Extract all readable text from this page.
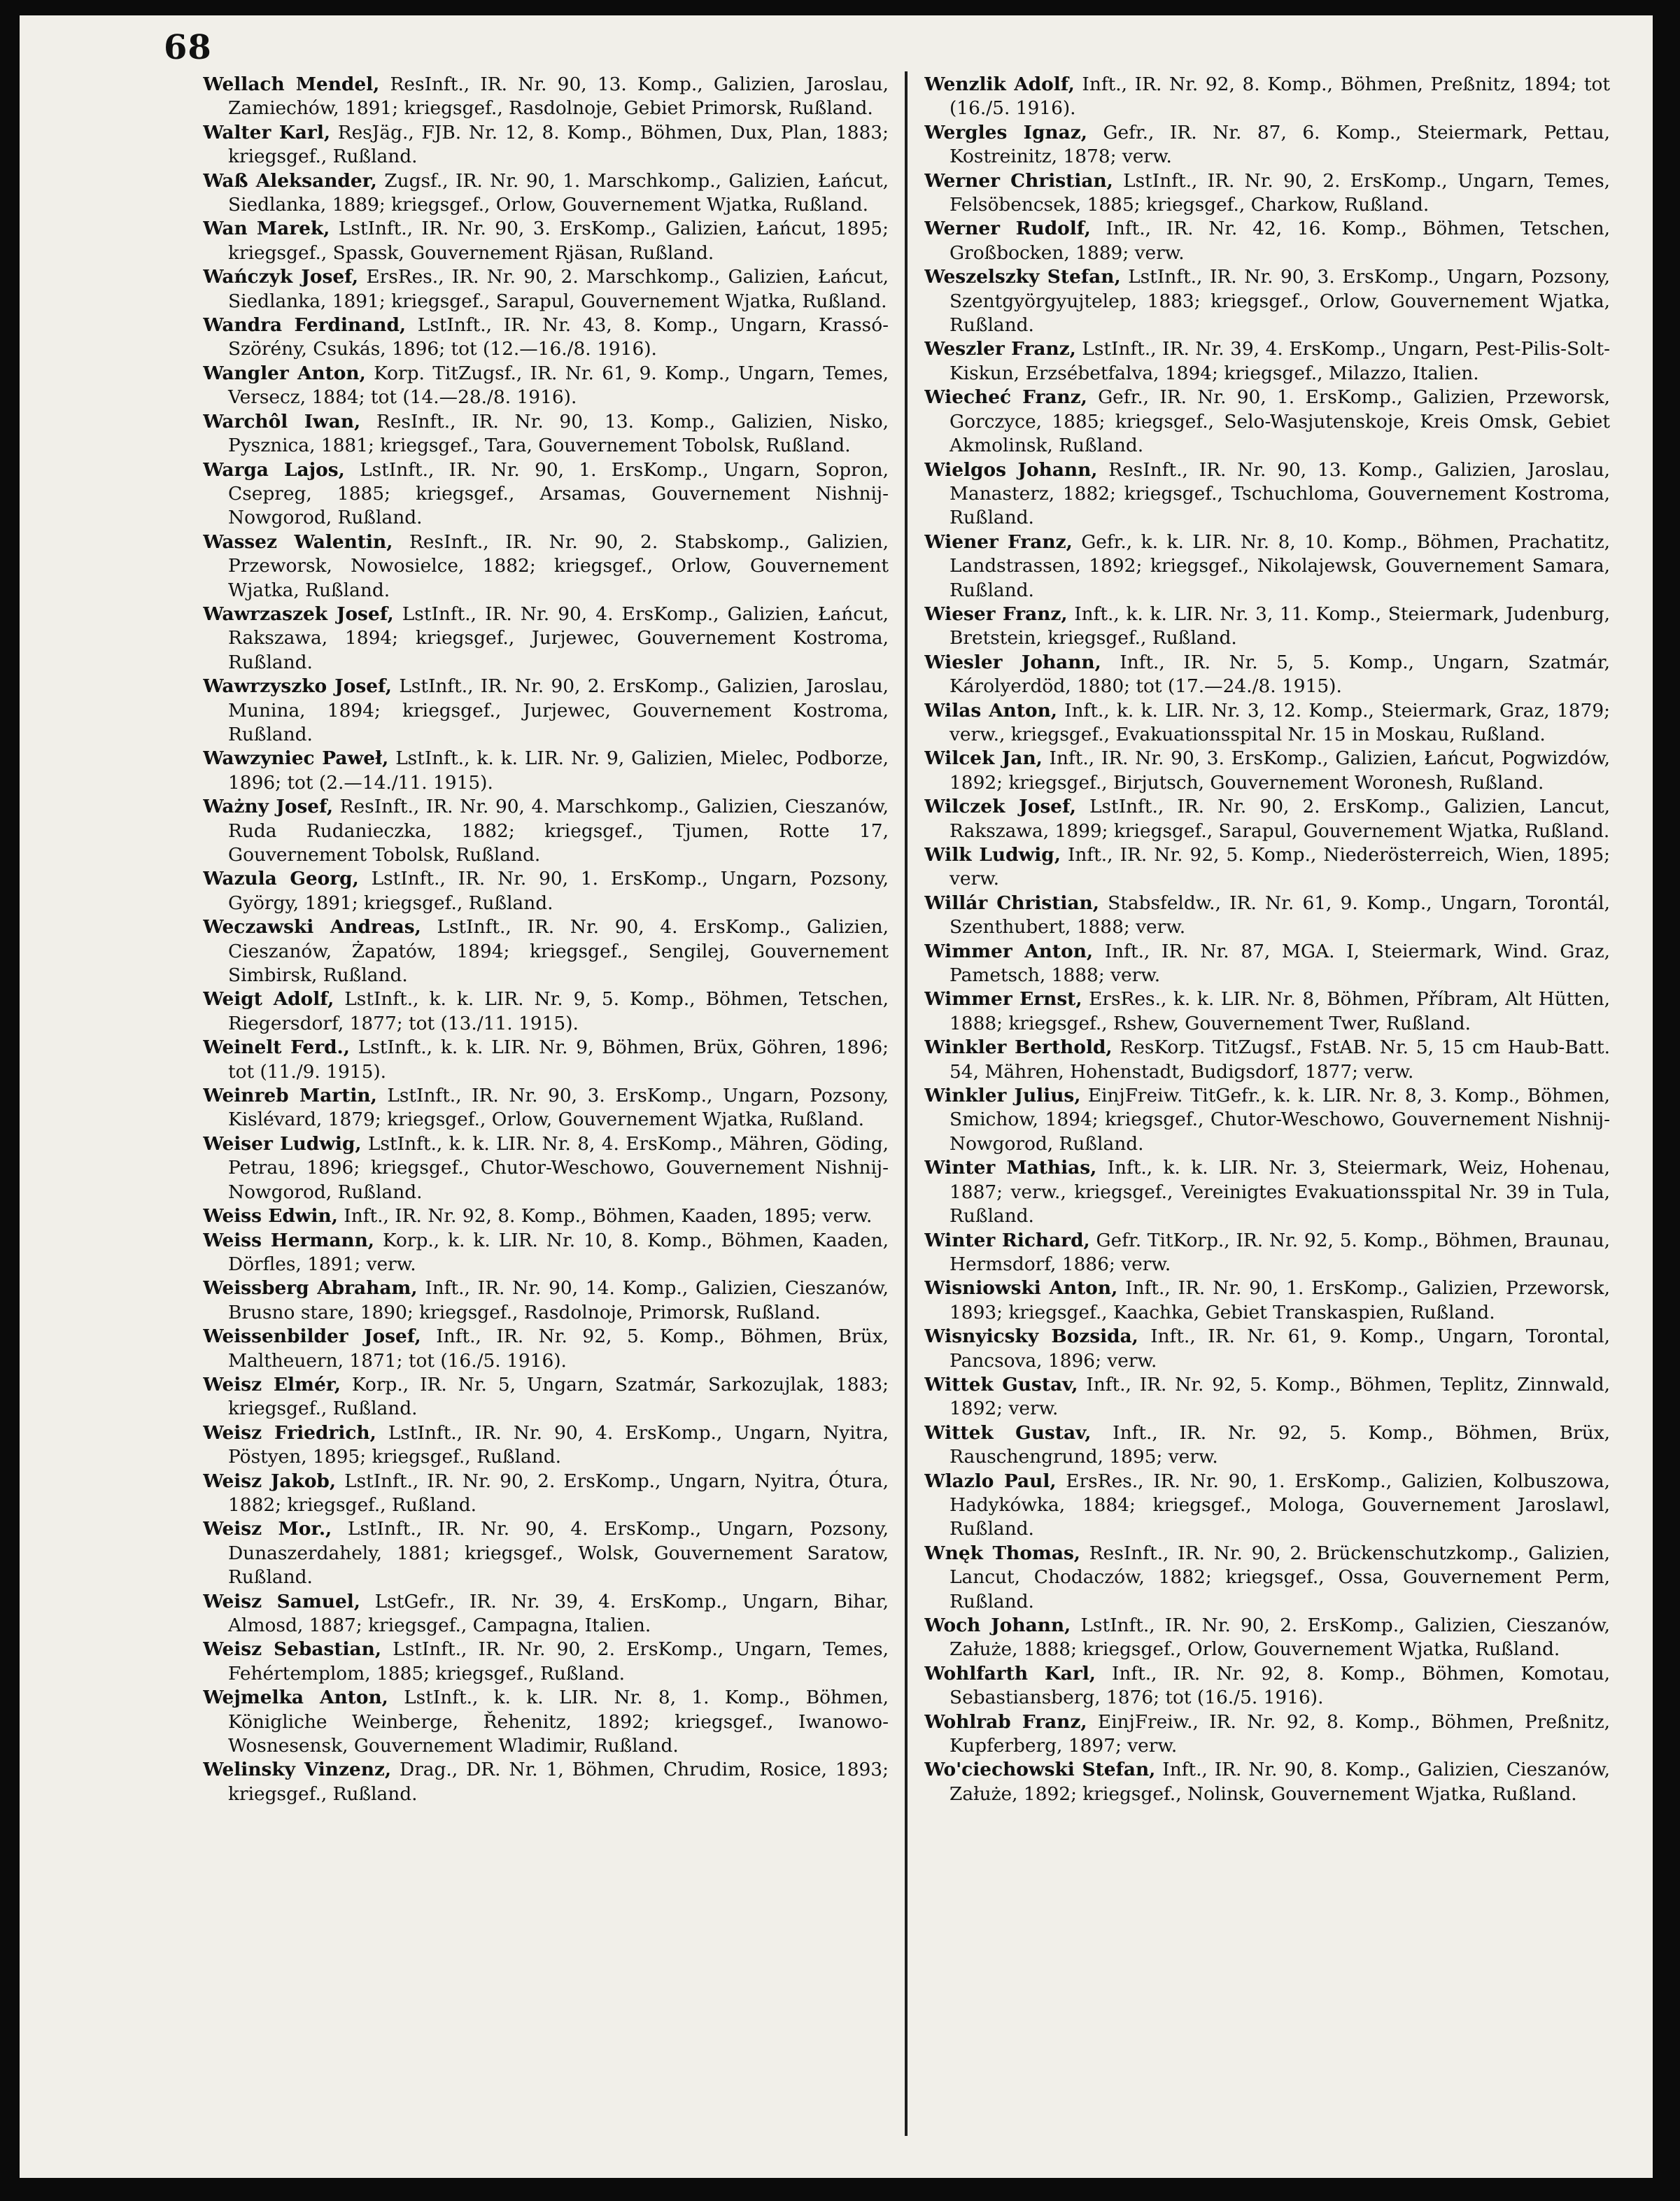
68

Wellach Mendel, ResInft., IR. Nr. 90, 13. Komp., Galizien, Jaroslau, Zamiechów, 1891; kriegsgef., Rasdolnoje, Gebiet Primorsk, Rußland.

Walter Karl, ResJäg., FJB. Nr. 12, 8. Komp., Böhmen, Dux, Plan, 1883; kriegsgef., Rußland.

Waß Aleksander, Zugsf., IR. Nr. 90, 1. Marschkomp., Galizien, Łańcut, Siedlanka, 1889; kriegsgef., Orlow, Gouvernement Wjatka, Rußland.

Wan Marek, LstInft., IR. Nr. 90, 3. ErsKomp., Galizien, Łańcut, 1895; kriegsgef., Spassk, Gouvernement Rjäsan, Rußland.

Wańczyk Josef, ErsRes., IR. Nr. 90, 2. Marschkomp., Galizien, Łańcut, Siedlanka, 1891; kriegsgef., Sarapul, Gouvernement Wjatka, Rußland.

Wandra Ferdinand, LstInft., IR. Nr. 43, 8. Komp., Ungarn, Krassó-Szörény, Csukás, 1896; tot (12.—16./8. 1916).

Wangler Anton, Korp. TitZugsf., IR. Nr. 61, 9. Komp., Ungarn, Temes, Versecz, 1884; tot (14.—28./8. 1916).

Warchôl Iwan, ResInft., IR. Nr. 90, 13. Komp., Galizien, Nisko, Pysznica, 1881; kriegsgef., Tara, Gouvernement Tobolsk, Rußland.

Warga Lajos, LstInft., IR. Nr. 90, 1. ErsKomp., Ungarn, Sopron, Csepreg, 1885; kriegsgef., Arsamas, Gouvernement Nishnij-Nowgorod, Rußland.

Wassez Walentin, ResInft., IR. Nr. 90, 2. Stabskomp., Galizien, Przeworsk, Nowosielce, 1882; kriegsgef., Orlow, Gouvernement Wjatka, Rußland.

Wawrzaszek Josef, LstInft., IR. Nr. 90, 4. ErsKomp., Galizien, Łańcut, Rakszawa, 1894; kriegsgef., Jurjewec, Gouvernement Kostroma, Rußland.

Wawrzyszko Josef, LstInft., IR. Nr. 90, 2. ErsKomp., Galizien, Jaroslau, Munina, 1894; kriegsgef., Jurjewec, Gouvernement Kostroma, Rußland.

Wawzyniec Paweł, LstInft., k. k. LIR. Nr. 9, Galizien, Mielec, Podborze, 1896; tot (2.—14./11. 1915).

Ważny Josef, ResInft., IR. Nr. 90, 4. Marschkomp., Galizien, Cieszanów, Ruda Rudanieczka, 1882; kriegsgef., Tjumen, Rotte 17, Gouvernement Tobolsk, Rußland.

Wazula Georg, LstInft., IR. Nr. 90, 1. ErsKomp., Ungarn, Pozsony, György, 1891; kriegsgef., Rußland.

Weczawski Andreas, LstInft., IR. Nr. 90, 4. ErsKomp., Galizien, Cieszanów, Żapatów, 1894; kriegsgef., Sengilej, Gouvernement Simbirsk, Rußland.

Weigt Adolf, LstInft., k. k. LIR. Nr. 9, 5. Komp., Böhmen, Tetschen, Riegersdorf, 1877; tot (13./11. 1915).

Weinelt Ferd., LstInft., k. k. LIR. Nr. 9, Böhmen, Brüx, Göhren, 1896; tot (11./9. 1915).

Weinreb Martin, LstInft., IR. Nr. 90, 3. ErsKomp., Ungarn, Pozsony, Kislévard, 1879; kriegsgef., Orlow, Gouvernement Wjatka, Rußland.

Weiser Ludwig, LstInft., k. k. LIR. Nr. 8, 4. ErsKomp., Mähren, Göding, Petrau, 1896; kriegsgef., Chutor-Weschowo, Gouvernement Nishnij-Nowgorod, Rußland.

Weiss Edwin, Inft., IR. Nr. 92, 8. Komp., Böhmen, Kaaden, 1895; verw.

Weiss Hermann, Korp., k. k. LIR. Nr. 10, 8. Komp., Böhmen, Kaaden, Dörfles, 1891; verw.

Weissberg Abraham, Inft., IR. Nr. 90, 14. Komp., Galizien, Cieszanów, Brusno stare, 1890; kriegsgef., Rasdolnoje, Primorsk, Rußland.

Weissenbilder Josef, Inft., IR. Nr. 92, 5. Komp., Böhmen, Brüx, Maltheuern, 1871; tot (16./5. 1916).

Weisz Elmér, Korp., IR. Nr. 5, Ungarn, Szatmár, Sarkozujlak, 1883; kriegsgef., Rußland.

Weisz Friedrich, LstInft., IR. Nr. 90, 4. ErsKomp., Ungarn, Nyitra, Pöstyen, 1895; kriegsgef., Rußland.

Weisz Jakob, LstInft., IR. Nr. 90, 2. ErsKomp., Ungarn, Nyitra, Ótura, 1882; kriegsgef., Rußland.

Weisz Mor., LstInft., IR. Nr. 90, 4. ErsKomp., Ungarn, Pozsony, Dunaszerdahely, 1881; kriegsgef., Wolsk, Gouvernement Saratow, Rußland.

Weisz Samuel, LstGefr., IR. Nr. 39, 4. ErsKomp., Ungarn, Bihar, Almosd, 1887; kriegsgef., Campagna, Italien.

Weisz Sebastian, LstInft., IR. Nr. 90, 2. ErsKomp., Ungarn, Temes, Fehértemplom, 1885; kriegsgef., Rußland.

Wejmelka Anton, LstInft., k. k. LIR. Nr. 8, 1. Komp., Böhmen, Königliche Weinberge, Řehenitz, 1892; kriegsgef., Iwanowo-Wosnesensk, Gouvernement Wladimir, Rußland.

Welinsky Vinzenz, Drag., DR. Nr. 1, Böhmen, Chrudim, Rosice, 1893; kriegsgef., Rußland.

Wenzlik Adolf, Inft., IR. Nr. 92, 8. Komp., Böhmen, Preßnitz, 1894; tot (16./5. 1916).

Wergles Ignaz, Gefr., IR. Nr. 87, 6. Komp., Steiermark, Pettau, Kostreinitz, 1878; verw.

Werner Christian, LstInft., IR. Nr. 90, 2. ErsKomp., Ungarn, Temes, Felsöbencsek, 1885; kriegsgef., Charkow, Rußland.

Werner Rudolf, Inft., IR. Nr. 42, 16. Komp., Böhmen, Tetschen, Großbocken, 1889; verw.

Weszelszky Stefan, LstInft., IR. Nr. 90, 3. ErsKomp., Ungarn, Pozsony, Szentgyörgyujtelep, 1883; kriegsgef., Orlow, Gouvernement Wjatka, Rußland.

Weszler Franz, LstInft., IR. Nr. 39, 4. ErsKomp., Ungarn, Pest-Pilis-Solt-Kiskun, Erzsébetfalva, 1894; kriegsgef., Milazzo, Italien.

Wiecheć Franz, Gefr., IR. Nr. 90, 1. ErsKomp., Galizien, Przeworsk, Gorczyce, 1885; kriegsgef., Selo-Wasjutenskoje, Kreis Omsk, Gebiet Akmolinsk, Rußland.

Wielgos Johann, ResInft., IR. Nr. 90, 13. Komp., Galizien, Jaroslau, Manasterz, 1882; kriegsgef., Tschuchloma, Gouvernement Kostroma, Rußland.

Wiener Franz, Gefr., k. k. LIR. Nr. 8, 10. Komp., Böhmen, Prachatitz, Landstrassen, 1892; kriegsgef., Nikolajewsk, Gouvernement Samara, Rußland.

Wieser Franz, Inft., k. k. LIR. Nr. 3, 11. Komp., Steiermark, Judenburg, Bretstein, kriegsgef., Rußland.

Wiesler Johann, Inft., IR. Nr. 5, 5. Komp., Ungarn, Szatmár, Károlyerdöd, 1880; tot (17.—24./8. 1915).

Wilas Anton, Inft., k. k. LIR. Nr. 3, 12. Komp., Steiermark, Graz, 1879; verw., kriegsgef., Evakuationsspital Nr. 15 in Moskau, Rußland.

Wilcek Jan, Inft., IR. Nr. 90, 3. ErsKomp., Galizien, Łańcut, Pogwizdów, 1892; kriegsgef., Birjutsch, Gouvernement Woronesh, Rußland.

Wilczek Josef, LstInft., IR. Nr. 90, 2. ErsKomp., Galizien, Lancut, Rakszawa, 1899; kriegsgef., Sarapul, Gouvernement Wjatka, Rußland.

Wilk Ludwig, Inft., IR. Nr. 92, 5. Komp., Niederösterreich, Wien, 1895; verw.

Willár Christian, Stabsfeldw., IR. Nr. 61, 9. Komp., Ungarn, Torontál, Szenthubert, 1888; verw.

Wimmer Anton, Inft., IR. Nr. 87, MGA. I, Steiermark, Wind. Graz, Pametsch, 1888; verw.

Wimmer Ernst, ErsRes., k. k. LIR. Nr. 8, Böhmen, Příbram, Alt Hütten, 1888; kriegsgef., Rshew, Gouvernement Twer, Rußland.

Winkler Berthold, ResKorp. TitZugsf., FstAB. Nr. 5, 15 cm Haub-Batt. 54, Mähren, Hohenstadt, Budigsdorf, 1877; verw.

Winkler Julius, EinjFreiw. TitGefr., k. k. LIR. Nr. 8, 3. Komp., Böhmen, Smichow, 1894; kriegsgef., Chutor-Weschowo, Gouvernement Nishnij-Nowgorod, Rußland.

Winter Mathias, Inft., k. k. LIR. Nr. 3, Steiermark, Weiz, Hohenau, 1887; verw., kriegsgef., Vereinigtes Evakuationsspital Nr. 39 in Tula, Rußland.

Winter Richard, Gefr. TitKorp., IR. Nr. 92, 5. Komp., Böhmen, Braunau, Hermsdorf, 1886; verw.

Wisniowski Anton, Inft., IR. Nr. 90, 1. ErsKomp., Galizien, Przeworsk, 1893; kriegsgef., Kaachka, Gebiet Transkaspien, Rußland.

Wisnyicsky Bozsida, Inft., IR. Nr. 61, 9. Komp., Ungarn, Torontal, Pancsova, 1896; verw.

Wittek Gustav, Inft., IR. Nr. 92, 5. Komp., Böhmen, Teplitz, Zinnwald, 1892; verw.

Wittek Gustav, Inft., IR. Nr. 92, 5. Komp., Böhmen, Brüx, Rauschengrund, 1895; verw.

Wlazlo Paul, ErsRes., IR. Nr. 90, 1. ErsKomp., Galizien, Kolbuszowa, Hadykówka, 1884; kriegsgef., Mologa, Gouvernement Jaroslawl, Rußland.

Wnęk Thomas, ResInft., IR. Nr. 90, 2. Brückenschutzkomp., Galizien, Lancut, Chodaczów, 1882; kriegsgef., Ossa, Gouvernement Perm, Rußland.

Woch Johann, LstInft., IR. Nr. 90, 2. ErsKomp., Galizien, Cieszanów, Załuże, 1888; kriegsgef., Orlow, Gouvernement Wjatka, Rußland.

Wohlfarth Karl, Inft., IR. Nr. 92, 8. Komp., Böhmen, Komotau, Sebastiansberg, 1876; tot (16./5. 1916).

Wohlrab Franz, EinjFreiw., IR. Nr. 92, 8. Komp., Böhmen, Preßnitz, Kupferberg, 1897; verw.

Wo'ciechowski Stefan, Inft., IR. Nr. 90, 8. Komp., Galizien, Cieszanów, Załuże, 1892; kriegsgef., Nolinsk, Gouvernement Wjatka, Rußland.
